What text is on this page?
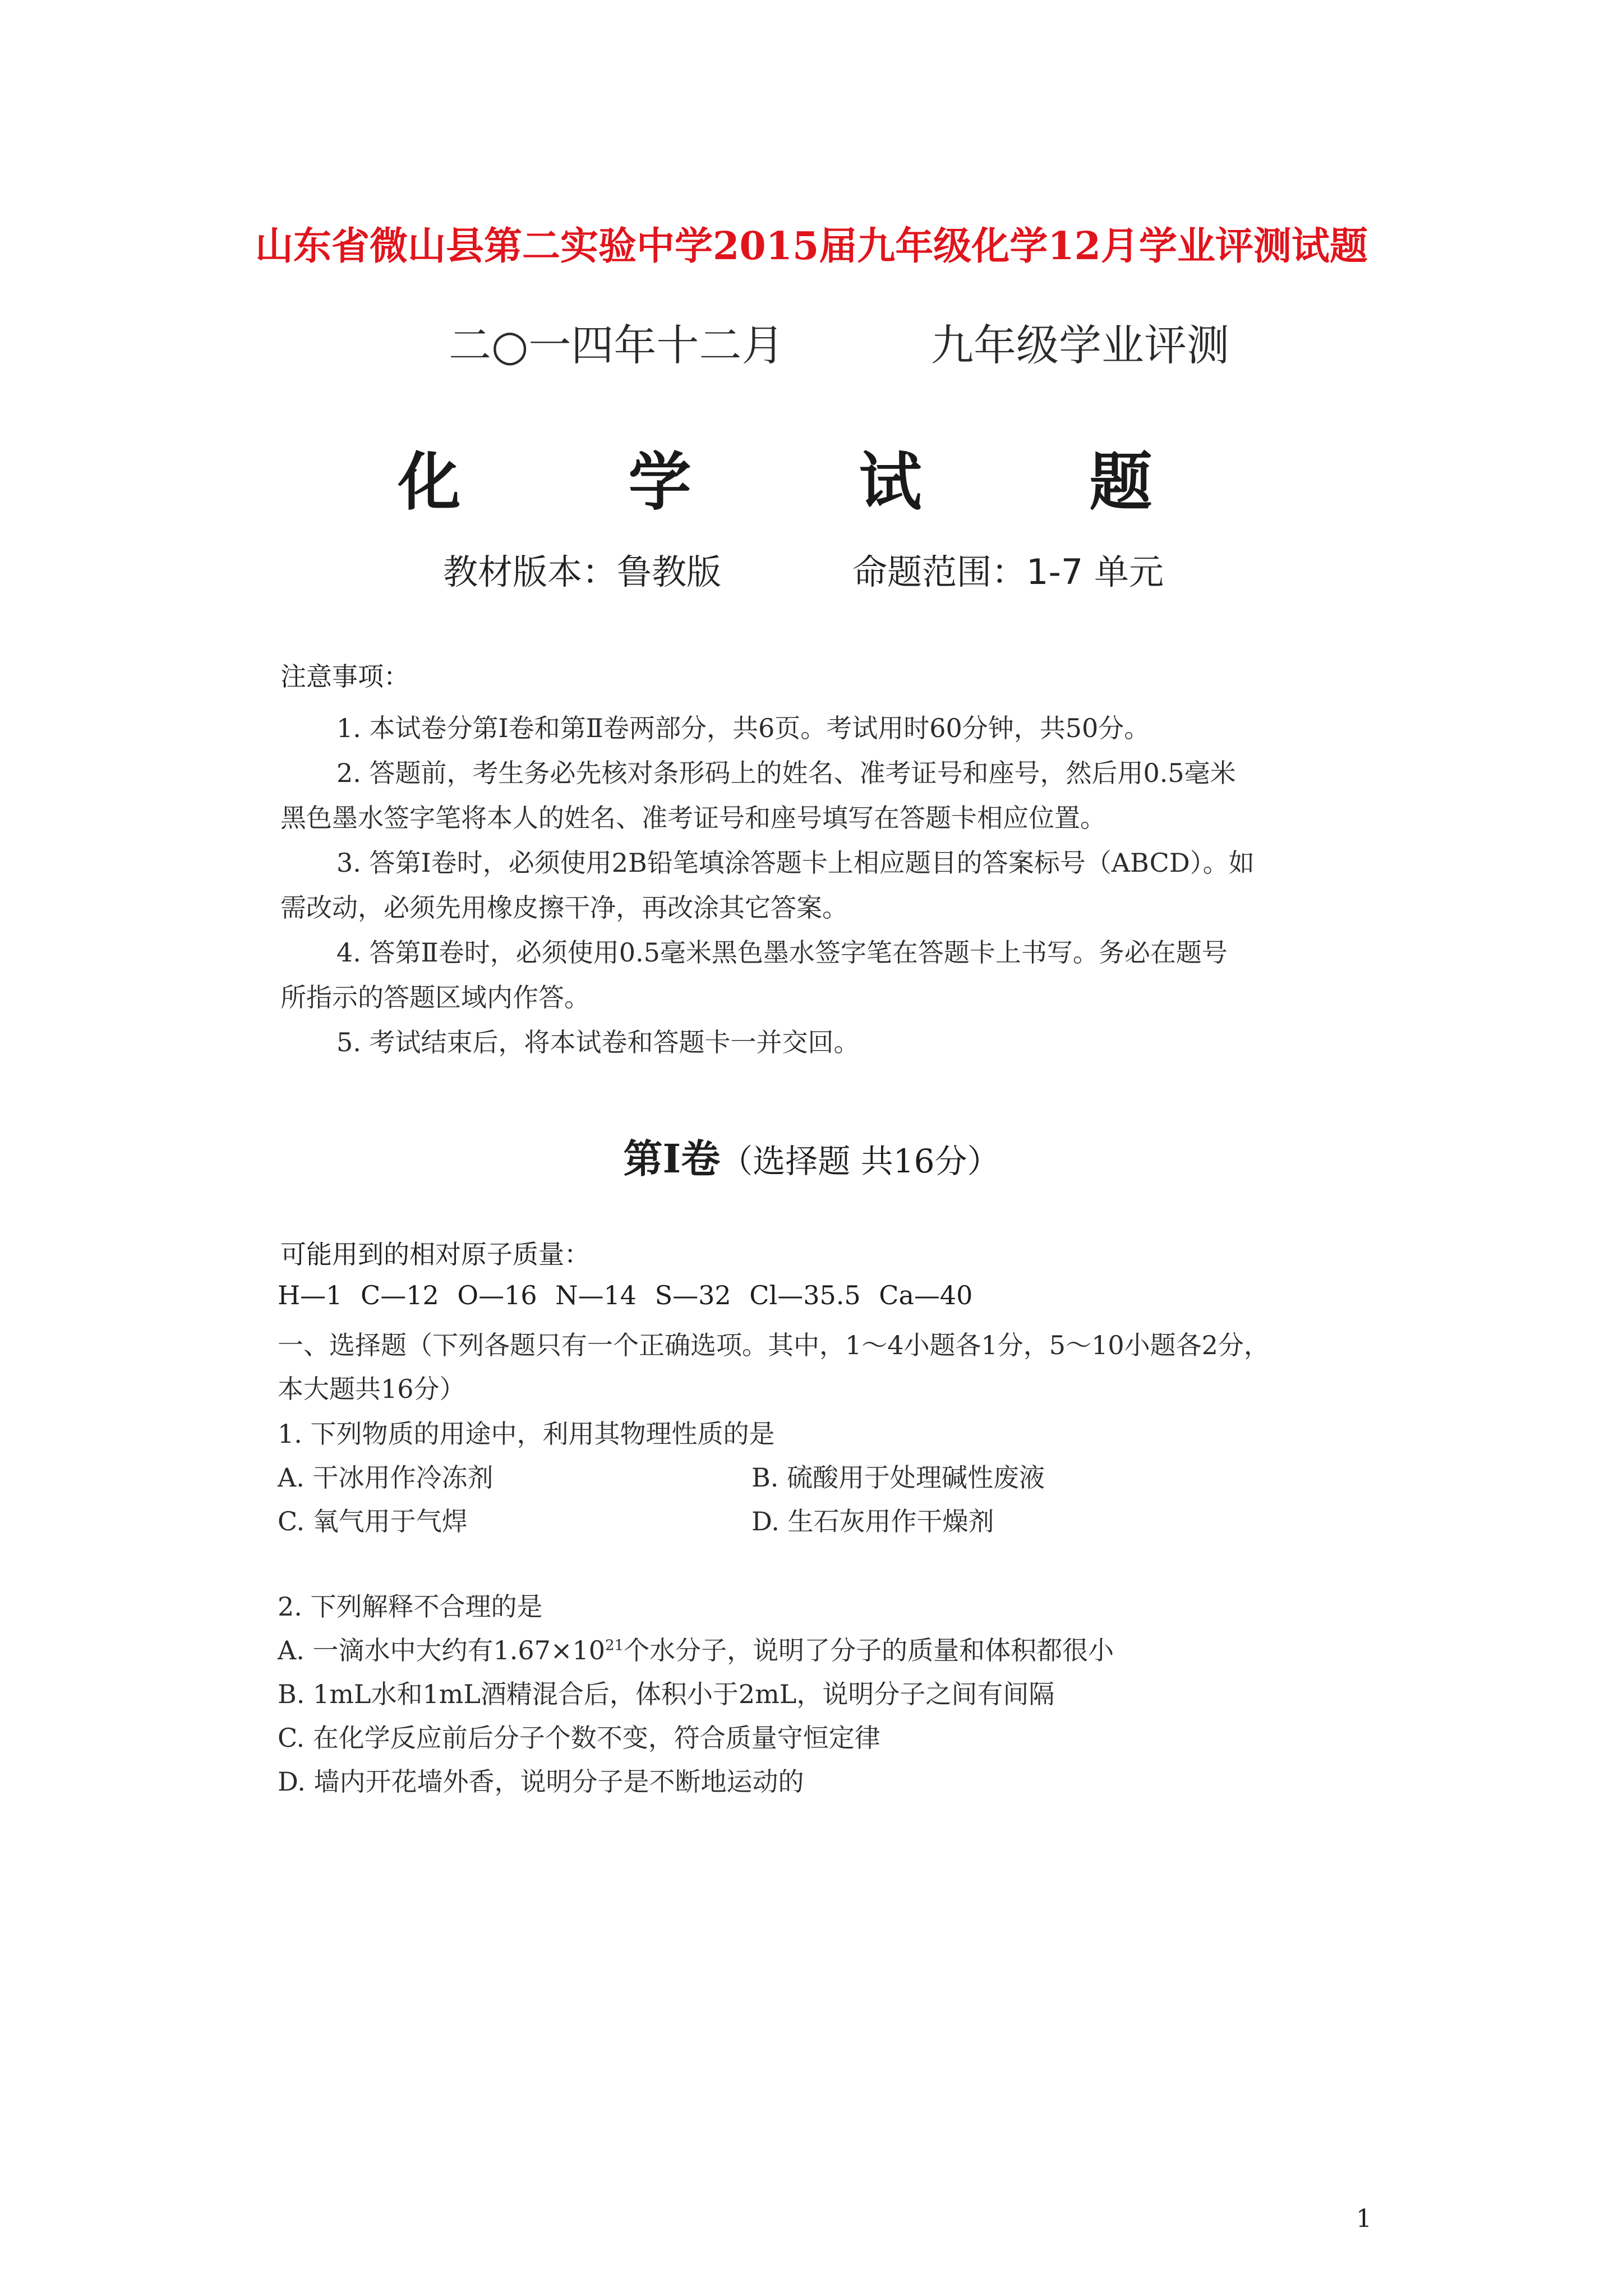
山东省微山县第二实验中学2015届九年级化学12月学业评测试题
二○一四年十二月	九年级学业评测
化 学 试 题
教材版本：鲁教版	命题范围：1-7 单元
注意事项：
1. 本试卷分第Ⅰ卷和第Ⅱ卷两部分，共6页。考试用时60分钟，共50分。
2. 答题前，考生务必先核对条形码上的姓名、准考证号和座号，然后用0.5毫米
黑色墨水签字笔将本人的姓名、准考证号和座号填写在答题卡相应位置。
3. 答第Ⅰ卷时，必须使用2B铅笔填涂答题卡上相应题目的答案标号（ABCD）。如
需改动，必须先用橡皮擦干净，再改涂其它答案。
4. 答第Ⅱ卷时，必须使用0.5毫米黑色墨水签字笔在答题卡上书写。务必在题号
所指示的答题区域内作答。
5. 考试结束后，将本试卷和答题卡一并交回。
第Ⅰ卷（选择题 共16分）
可能用到的相对原子质量：
H—1 C—12 O—16 N—14 S—32 Cl—35.5 Ca—40
一、选择题（下列各题只有一个正确选项。其中，1～4小题各1分，5～10小题各2分，
本大题共16分）
1. 下列物质的用途中，利用其物理性质的是
A. 干冰用作冷冻剂	B. 硫酸用于处理碱性废液
C. 氧气用于气焊	D. 生石灰用作干燥剂
2. 下列解释不合理的是
A. 一滴水中大约有$1.67\times 10^{21}$个水分子，说明了分子的质量和体积都很小
B. 1mL水和1mL酒精混合后，体积小于2mL，说明分子之间有间隔
C. 在化学反应前后分子个数不变，符合质量守恒定律
D. 墙内开花墙外香，说明分子是不断地运动的
1
